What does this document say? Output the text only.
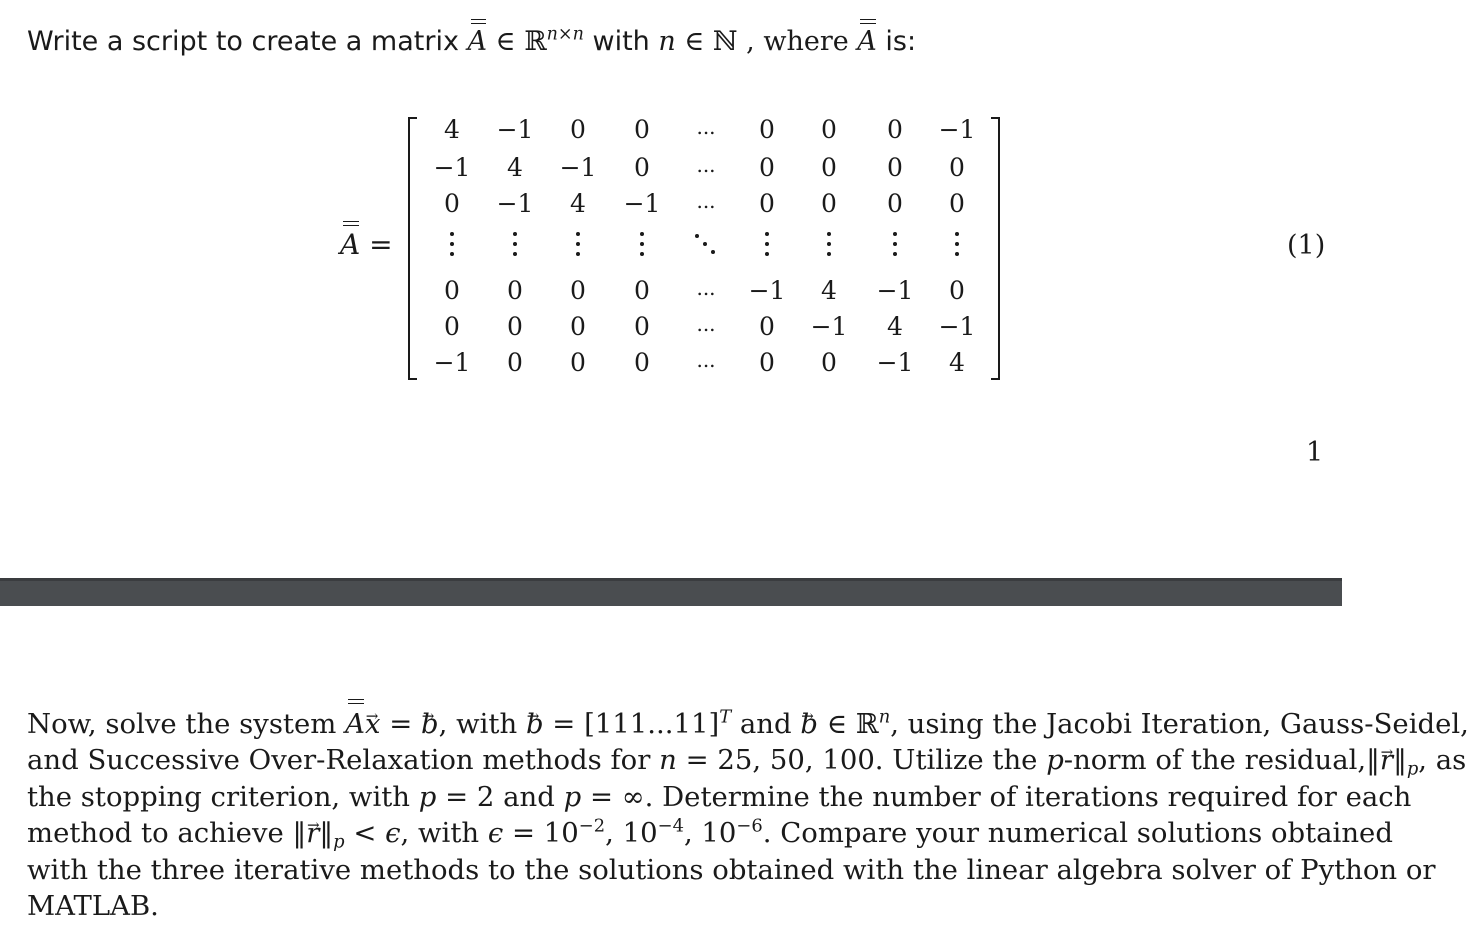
Write a script to create a matrix A ∈ ℝ$^{n\times n}$ with n ∈ ℕ , where A is:
A =
4 −1 0 0 ... 0 0 0 −1
−1 4 −1 0 ... 0 0 0 0
0 −1 4 −1 ... 0 0 0 0
0 0 0 0 ... −1 4 −1 0
0 0 0 0 ... 0 −1 4 −1
−1 0 0 0 ... 0 0 −1 4
(1)
1
Now, solve the system Ax → = b →, with b → = $[111...11]^T$ and b → ∈ ℝ$^n$, using the Jacobi Iteration, Gauss-Seidel,
and Successive Over-Relaxation methods for n = 25, 50, 100. Utilize the p-norm of the residual,‖r $\to‖_p$, as
the stopping criterion, with p = 2 and p = ∞. Determine the number of iterations required for each
method to achieve ‖r $\to‖_p < \epsilon$, with $\epsilon = 10^{-2}$, $10^{-4}$, $10^{-6}$. Compare your numerical solutions obtained
with the three iterative methods to the solutions obtained with the linear algebra solver of Python or
MATLAB.
